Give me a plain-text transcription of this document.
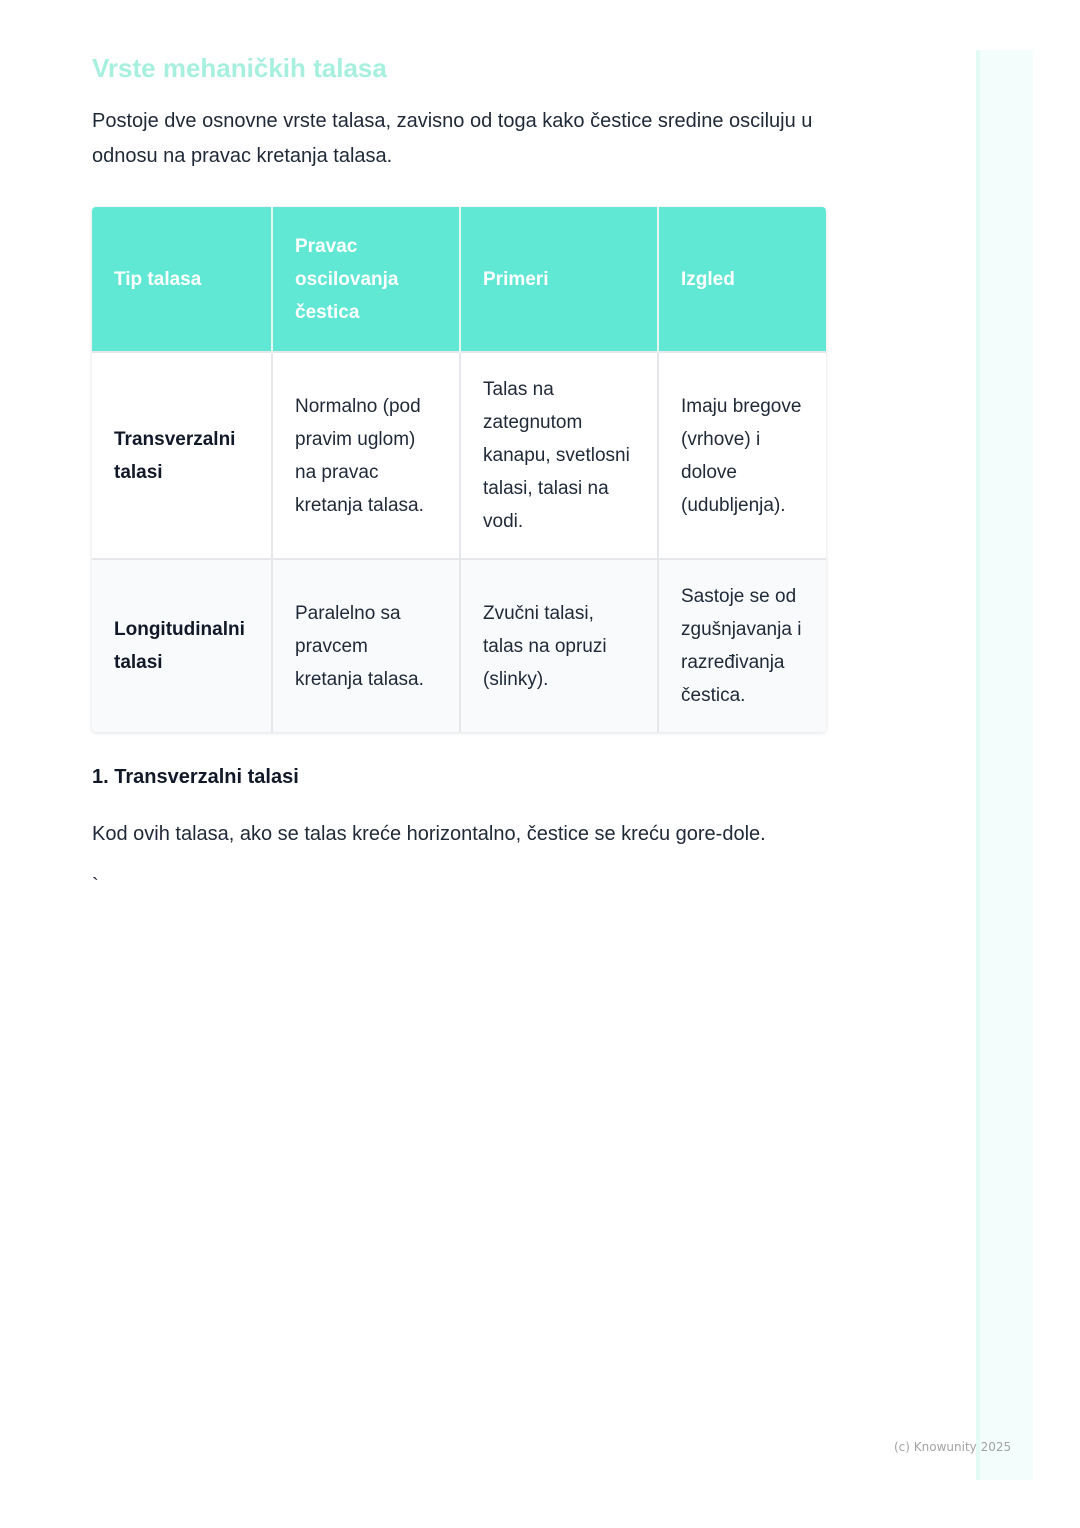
Vrste mehaničkih talasa

Postoje dve osnovne vrste talasa, zavisno od toga kako čestice sredine osciluju u odnosu na pravac kretanja talasa.

Tip talasa	Pravac oscilovanja čestica	Primeri	Izgled
Transverzalni talasi	Normalno (pod pravim uglom) na pravac kretanja talasa.	Talas na zategnutom kanapu, svetlosni talasi, talasi na vodi.	Imaju bregove (vrhove) i dolove (udubljenja).
Longitudinalni talasi	Paralelno sa pravcem kretanja talasa.	Zvučni talasi, talas na opruzi (slinky).	Sastoje se od zgušnjavanja i razređivanja čestica.
1. Transverzalni talasi

Kod ovih talasa, ako se talas kreće horizontalno, čestice se kreću gore-dole.

`

(c) Knowunity 2025
